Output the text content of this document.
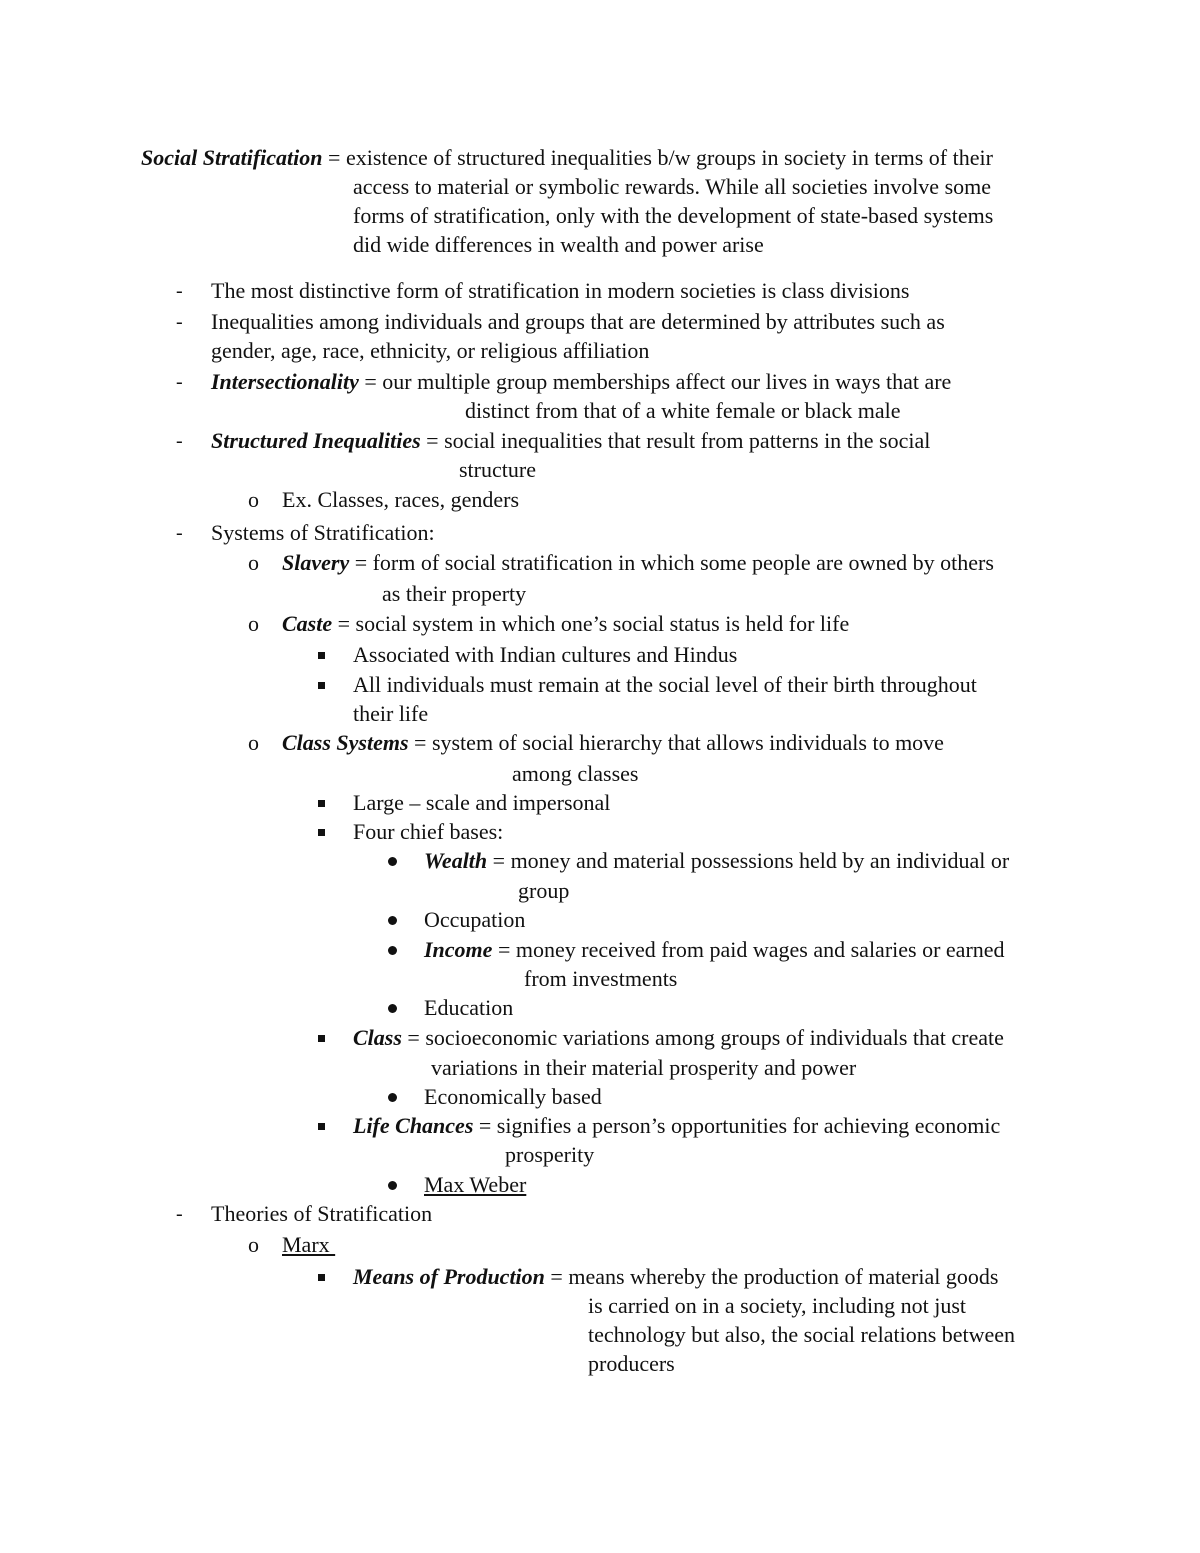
Social Stratification = existence of structured inequalities b/w groups in society in terms of their
access to material or symbolic rewards. While all societies involve some
forms of stratification, only with the development of state-based systems
did wide differences in wealth and power arise
- The most distinctive form of stratification in modern societies is class divisions
- Inequalities among individuals and groups that are determined by attributes such as
gender, age, race, ethnicity, or religious affiliation
- Intersectionality = our multiple group memberships affect our lives in ways that are
distinct from that of a white female or black male
- Structured Inequalities = social inequalities that result from patterns in the social
structure
o Ex. Classes, races, genders
- Systems of Stratification:
o Slavery = form of social stratification in which some people are owned by others
as their property
o Caste = social system in which one’s social status is held for life
Associated with Indian cultures and Hindus
All individuals must remain at the social level of their birth throughout
their life
o Class Systems = system of social hierarchy that allows individuals to move
among classes
Large – scale and impersonal
Four chief bases:
Wealth = money and material possessions held by an individual or
group
Occupation
Income = money received from paid wages and salaries or earned
from investments
Education
Class = socioeconomic variations among groups of individuals that create
variations in their material prosperity and power
Economically based
Life Chances = signifies a person’s opportunities for achieving economic
prosperity
Max Weber
- Theories of Stratification
o Marx
Means of Production = means whereby the production of material goods
is carried on in a society, including not just
technology but also, the social relations between
producers
